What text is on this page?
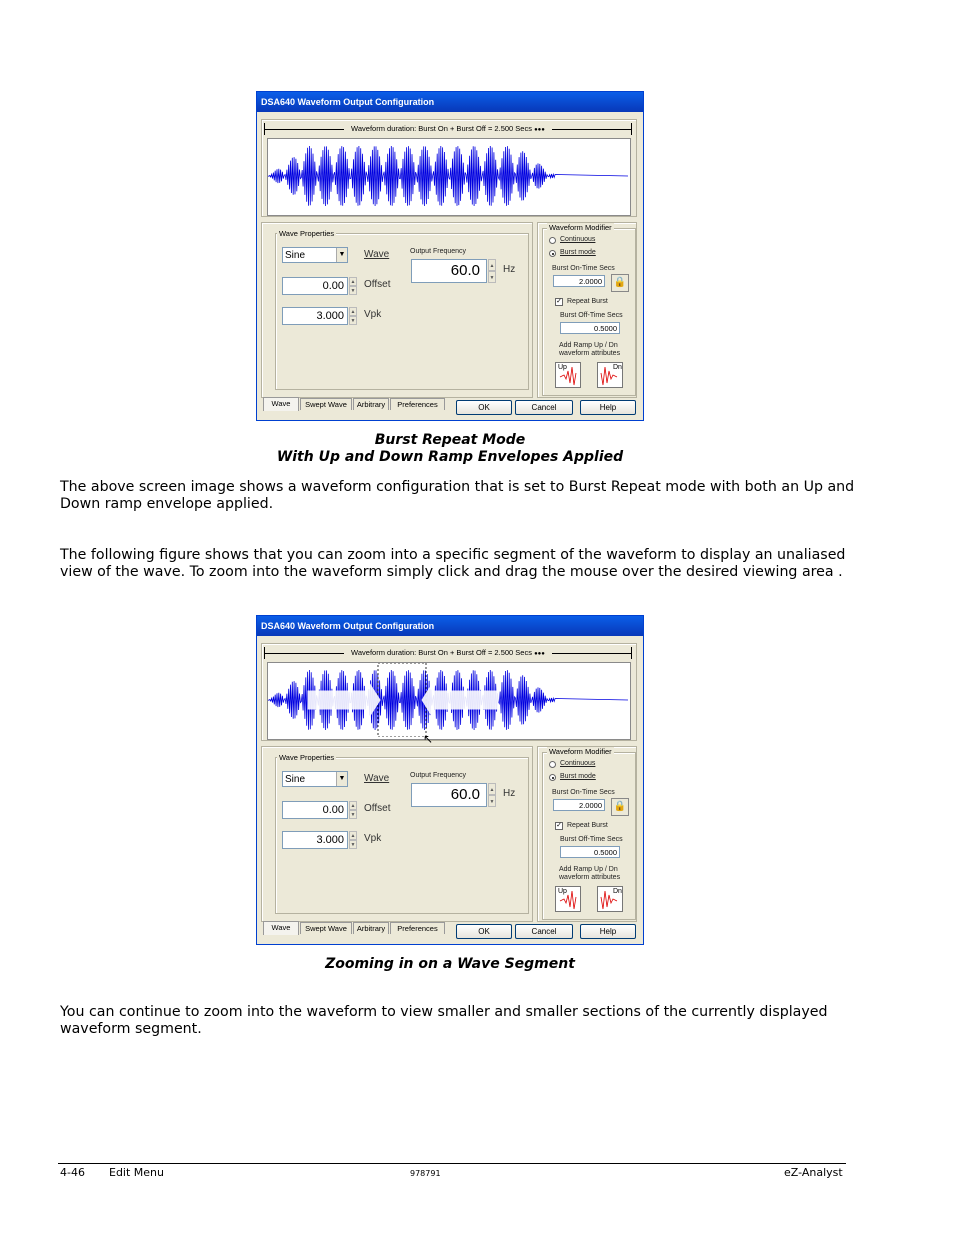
DSA640 Waveform Output Configuration
Waveform duration: Burst On + Burst Off = 2.500 Secs ●●●
Wave Properties
Sine	▼ Wave
0.00	▲
▼
Offset
3.000	▲
▼
Vpk
Output Frequency
60.0	▲
▼
Hz
Waveform Modifier
Continuous
Burst mode
Burst On-Time Secs
2.0000	🔒
✓ Repeat Burst
Burst Off-Time Secs
0.5000
Add Ramp Up / Dn
waveform attributes
Up	Dn
Wave	Swept Wave	Arbitrary	Preferences	OK	Cancel	Help
Burst Repeat Mode
With Up and Down Ramp Envelopes Applied
The above screen image shows a waveform configuration that is set to Burst Repeat mode with both an Up and Down ramp envelope applied.
The following figure shows that you can zoom into a specific segment of the waveform to display an unaliased view of the wave. To zoom into the waveform simply click and drag the mouse over the desired viewing area .
DSA640 Waveform Output Configuration
Waveform duration: Burst On + Burst Off = 2.500 Secs ●●●
Wave Properties
Sine	▼ Wave
0.00	▲
▼
Offset
3.000	▲
▼
Vpk
Output Frequency
60.0	▲
▼
Hz
Waveform Modifier
Continuous
Burst mode
Burst On-Time Secs
2.0000	🔒
✓ Repeat Burst
Burst Off-Time Secs
0.5000
Add Ramp Up / Dn
waveform attributes
Up	Dn
Wave	Swept Wave	Arbitrary	Preferences	OK	Cancel	Help
↖
Zooming in on a Wave Segment
You can continue to zoom into the waveform to view smaller and smaller sections of the currently displayed waveform segment.
4-46 Edit Menu	978791	eZ-Analyst
